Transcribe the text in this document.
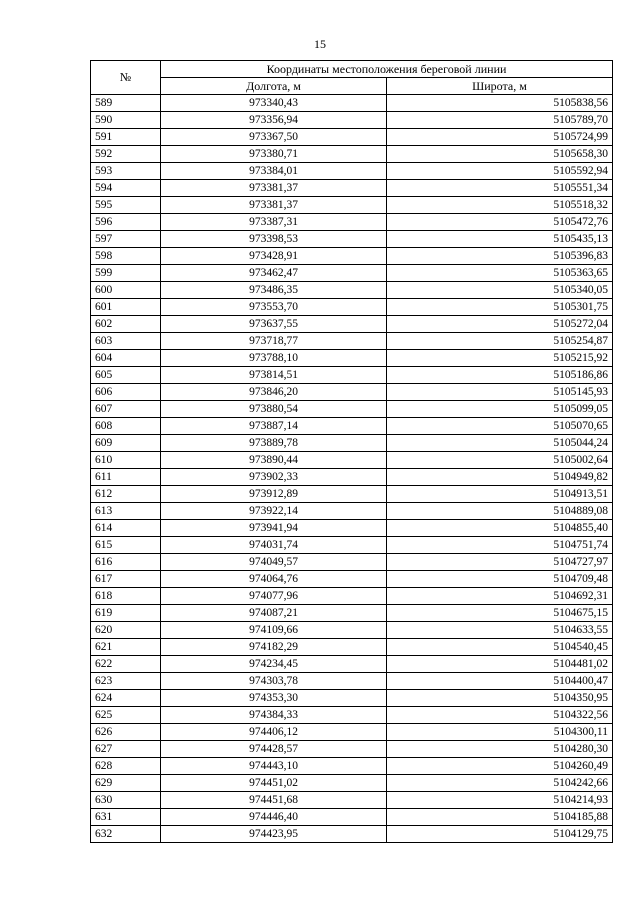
15
№	Координаты местоположения береговой линии	
	Долгота, м	Широта, м
589	973340,43	5105838,56
590	973356,94	5105789,70
591	973367,50	5105724,99
592	973380,71	5105658,30
593	973384,01	5105592,94
594	973381,37	5105551,34
595	973381,37	5105518,32
596	973387,31	5105472,76
597	973398,53	5105435,13
598	973428,91	5105396,83
599	973462,47	5105363,65
600	973486,35	5105340,05
601	973553,70	5105301,75
602	973637,55	5105272,04
603	973718,77	5105254,87
604	973788,10	5105215,92
605	973814,51	5105186,86
606	973846,20	5105145,93
607	973880,54	5105099,05
608	973887,14	5105070,65
609	973889,78	5105044,24
610	973890,44	5105002,64
611	973902,33	5104949,82
612	973912,89	5104913,51
613	973922,14	5104889,08
614	973941,94	5104855,40
615	974031,74	5104751,74
616	974049,57	5104727,97
617	974064,76	5104709,48
618	974077,96	5104692,31
619	974087,21	5104675,15
620	974109,66	5104633,55
621	974182,29	5104540,45
622	974234,45	5104481,02
623	974303,78	5104400,47
624	974353,30	5104350,95
625	974384,33	5104322,56
626	974406,12	5104300,11
627	974428,57	5104280,30
628	974443,10	5104260,49
629	974451,02	5104242,66
630	974451,68	5104214,93
631	974446,40	5104185,88
632	974423,95	5104129,75
